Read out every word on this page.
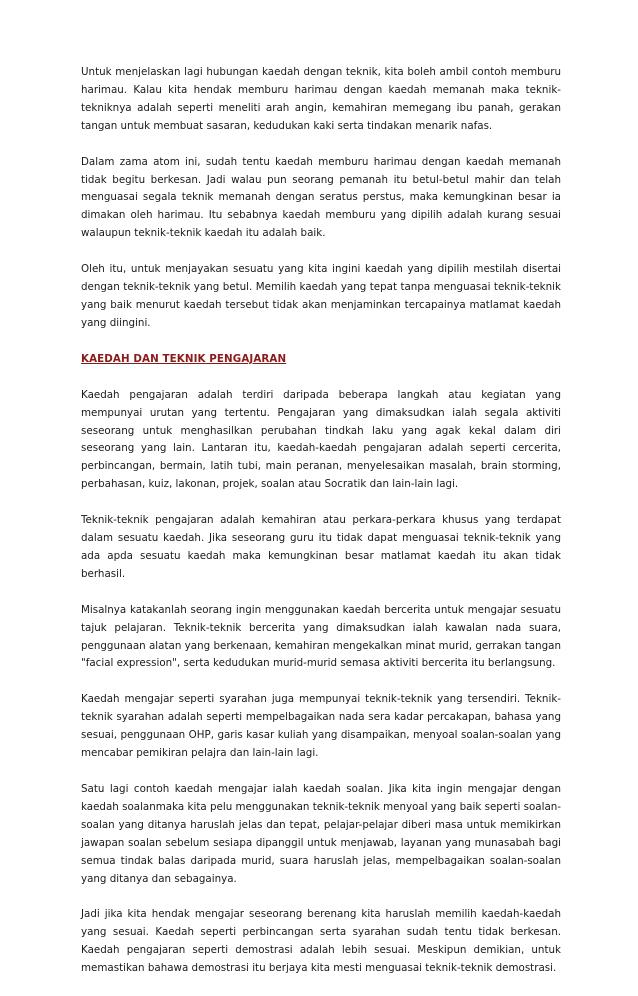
Untuk menjelaskan lagi hubungan kaedah dengan teknik, kita boleh ambil contoh memburu harimau. Kalau kita hendak memburu harimau dengan kaedah memanah maka teknik-tekniknya adalah seperti meneliti arah angin, kemahiran memegang ibu panah, gerakan tangan untuk membuat sasaran, kedudukan kaki serta tindakan menarik nafas.

Dalam zama atom ini, sudah tentu kaedah memburu harimau dengan kaedah memanah tidak begitu berkesan. Jadi walau pun seorang pemanah itu betul-betul mahir dan telah menguasai segala teknik memanah dengan seratus perstus, maka kemungkinan besar ia dimakan oleh harimau. Itu sebabnya kaedah memburu yang dipilih adalah kurang sesuai walaupun teknik-teknik kaedah itu adalah baik.

Oleh itu, untuk menjayakan sesuatu yang kita ingini kaedah yang dipilih mestilah disertai dengan teknik-teknik yang betul. Memilih kaedah yang tepat tanpa menguasai teknik-teknik yang baik menurut kaedah tersebut tidak akan menjaminkan tercapainya matlamat kaedah yang diingini.

KAEDAH DAN TEKNIK PENGAJARAN

Kaedah pengajaran adalah terdiri daripada beberapa langkah atau kegiatan yang mempunyai urutan yang tertentu. Pengajaran yang dimaksudkan ialah segala aktiviti seseorang untuk menghasilkan perubahan tindkah laku yang agak kekal dalam diri seseorang yang lain. Lantaran itu, kaedah-kaedah pengajaran adalah seperti cercerita, perbincangan, bermain, latih tubi, main peranan, menyelesaikan masalah, brain storming, perbahasan, kuiz, lakonan, projek, soalan atau Socratik dan lain-lain lagi.

Teknik-teknik pengajaran adalah kemahiran atau perkara-perkara khusus yang terdapat dalam sesuatu kaedah. Jika seseorang guru itu tidak dapat menguasai teknik-teknik yang ada apda sesuatu kaedah maka kemungkinan besar matlamat kaedah itu akan tidak berhasil.

Misalnya katakanlah seorang ingin menggunakan kaedah bercerita untuk mengajar sesuatu tajuk pelajaran. Teknik-teknik bercerita yang dimaksudkan ialah kawalan nada suara, penggunaan alatan yang berkenaan, kemahiran mengekalkan minat murid, gerrakan tangan "facial expression", serta kedudukan murid-murid semasa aktiviti bercerita itu berlangsung.

Kaedah mengajar seperti syarahan juga mempunyai teknik-teknik yang tersendiri. Teknik-teknik syarahan adalah seperti mempelbagaikan nada sera kadar percakapan, bahasa yang sesuai, penggunaan OHP, garis kasar kuliah yang disampaikan, menyoal soalan-soalan yang mencabar pemikiran pelajra dan lain-lain lagi.

Satu lagi contoh kaedah mengajar ialah kaedah soalan. Jika kita ingin mengajar dengan kaedah soalanmaka kita pelu menggunakan teknik-teknik menyoal yang baik seperti soalan-soalan yang ditanya haruslah jelas dan tepat, pelajar-pelajar diberi masa untuk memikirkan jawapan soalan sebelum sesiapa dipanggil untuk menjawab, layanan yang munasabah bagi semua tindak balas daripada murid, suara haruslah jelas, mempelbagaikan soalan-soalan yang ditanya dan sebagainya.

Jadi jika kita hendak mengajar seseorang berenang kita haruslah memilih kaedah-kaedah yang sesuai. Kaedah seperti perbincangan serta syarahan sudah tentu tidak berkesan. Kaedah pengajaran seperti demostrasi adalah lebih sesuai. Meskipun demikian, untuk memastikan bahawa demostrasi itu berjaya kita mesti menguasai teknik-teknik demostrasi.
